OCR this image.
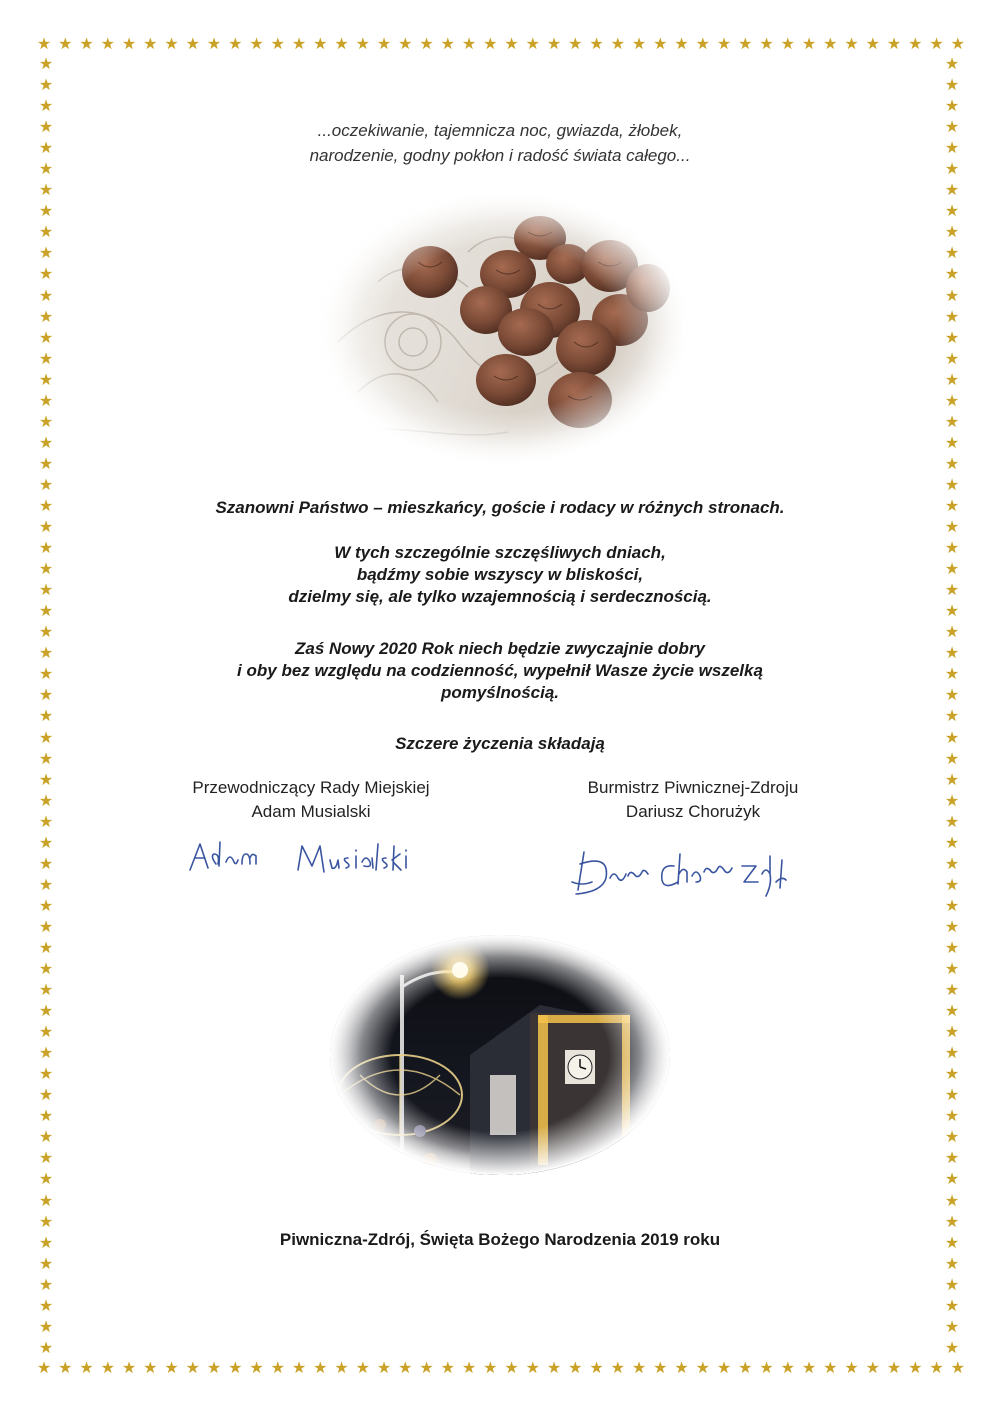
★ ★ ★ ★ ★ ★ ★ ★ ★ ★ ★ ★ ★ ★ ★ ★ ★ ★ ★ ★ ★ ★ ★ ★ ★ ★ ★ ★ ★ ★ ★ ★ ★ ★ ★ ★ ★ ★ ★ ★ ★ ★ ★ ★
★ ★ ★ ★ ★ ★ ★ ★ ★ ★ ★ ★ ★ ★ ★ ★ ★ ★ ★ ★ ★ ★ ★ ★ ★ ★ ★ ★ ★ ★ ★ ★ ★ ★ ★ ★ ★ ★ ★ ★ ★ ★ ★ ★
★
★
★
★
★
★
★
★
★
★
★
★
★
★
★
★
★
★
★
★
★
★
★
★
★
★
★
★
★
★
★
★
★
★
★
★
★
★
★
★
★
★
★
★
★
★
★
★
★
★
★
★
★
★
★
★
★
★
★
★
★
★
★
★
★
★
★
★
★
★
★
★
★
★
★
★
★
★
★
★
★
★
★
★
★
★
★
★
★
★
★
★
★
★
★
★
★
★
★
★
★
★
★
★
★
★
★
★
★
★
★
★
★
★
★
★
★
★
★
★
★
★
★
★
...oczekiwanie, tajemnicza noc, gwiazda, żłobek,
narodzenie, godny pokłon i radość świata całego...
Szanowni Państwo – mieszkańcy, goście i rodacy w różnych stronach.
W tych szczególnie szczęśliwych dniach,
bądźmy sobie wszyscy w bliskości,
dzielmy się, ale tylko wzajemnością i serdecznością.
Zaś Nowy 2020 Rok niech będzie zwyczajnie dobry
i oby bez względu na codzienność, wypełnił Wasze życie wszelką
pomyślnością.
Szczere życzenia składają
Przewodniczący Rady Miejskiej
Adam Musialski
Burmistrz Piwnicznej-Zdroju
Dariusz Chorużyk
Piwniczna-Zdrój, Święta Bożego Narodzenia 2019 roku
